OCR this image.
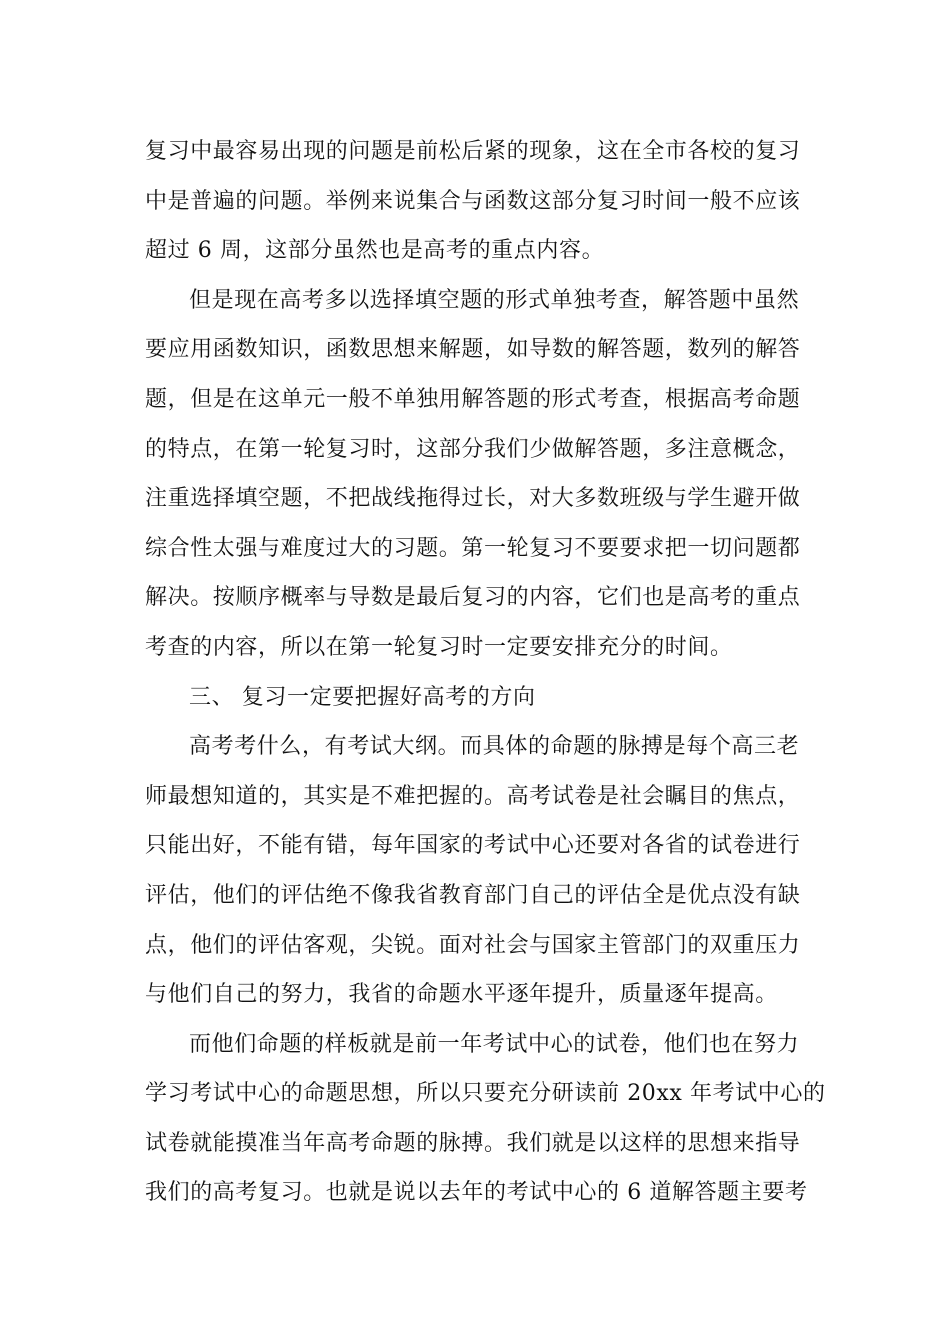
复习中最容易出现的问题是前松后紧的现象，这在全市各校的复习
中是普遍的问题。举例来说集合与函数这部分复习时间一般不应该
超过 6 周，这部分虽然也是高考的重点内容。
但是现在高考多以选择填空题的形式单独考查，解答题中虽然
要应用函数知识，函数思想来解题，如导数的解答题，数列的解答
题，但是在这单元一般不单独用解答题的形式考查，根据高考命题
的特点，在第一轮复习时，这部分我们少做解答题，多注意概念，
注重选择填空题，不把战线拖得过长，对大多数班级与学生避开做
综合性太强与难度过大的习题。第一轮复习不要要求把一切问题都
解决。按顺序概率与导数是最后复习的内容，它们也是高考的重点
考查的内容，所以在第一轮复习时一定要安排充分的时间。
三、 复习一定要把握好高考的方向
高考考什么，有考试大纲。而具体的命题的脉搏是每个高三老
师最想知道的，其实是不难把握的。高考试卷是社会瞩目的焦点，
只能出好，不能有错，每年国家的考试中心还要对各省的试卷进行
评估，他们的评估绝不像我省教育部门自己的评估全是优点没有缺
点，他们的评估客观，尖锐。面对社会与国家主管部门的双重压力
与他们自己的努力，我省的命题水平逐年提升，质量逐年提高。
而他们命题的样板就是前一年考试中心的试卷，他们也在努力
学习考试中心的命题思想，所以只要充分研读前 20xx 年考试中心的
试卷就能摸准当年高考命题的脉搏。我们就是以这样的思想来指导
我们的高考复习。也就是说以去年的考试中心的 6 道解答题主要考
